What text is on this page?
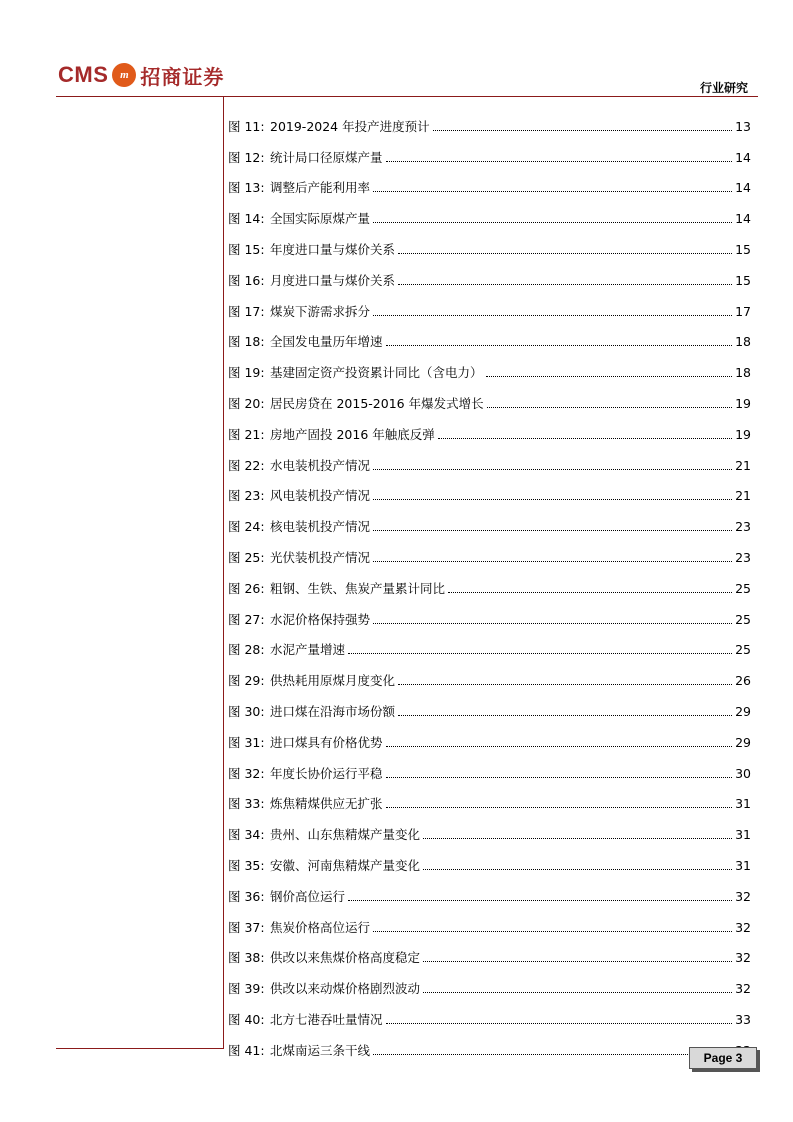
CMS	m 招商证券	行业研究
图 11: 2019-2024 年投产进度预计	13
图 12: 统计局口径原煤产量	14
图 13: 调整后产能利用率	14
图 14: 全国实际原煤产量	14
图 15: 年度进口量与煤价关系	15
图 16: 月度进口量与煤价关系	15
图 17: 煤炭下游需求拆分	17
图 18: 全国发电量历年增速	18
图 19: 基建固定资产投资累计同比（含电力）	18
图 20: 居民房贷在 2015-2016 年爆发式增长	19
图 21: 房地产固投 2016 年触底反弹	19
图 22: 水电装机投产情况	21
图 23: 风电装机投产情况	21
图 24: 核电装机投产情况	23
图 25: 光伏装机投产情况	23
图 26: 粗钢、生铁、焦炭产量累计同比	25
图 27: 水泥价格保持强势	25
图 28: 水泥产量增速	25
图 29: 供热耗用原煤月度变化	26
图 30: 进口煤在沿海市场份额	29
图 31: 进口煤具有价格优势	29
图 32: 年度长协价运行平稳	30
图 33: 炼焦精煤供应无扩张	31
图 34: 贵州、山东焦精煤产量变化	31
图 35: 安徽、河南焦精煤产量变化	31
图 36: 钢价高位运行	32
图 37: 焦炭价格高位运行	32
图 38: 供改以来焦煤价格高度稳定	32
图 39: 供改以来动煤价格剧烈波动	32
图 40: 北方七港吞吐量情况	33
图 41: 北煤南运三条干线
Page 3
